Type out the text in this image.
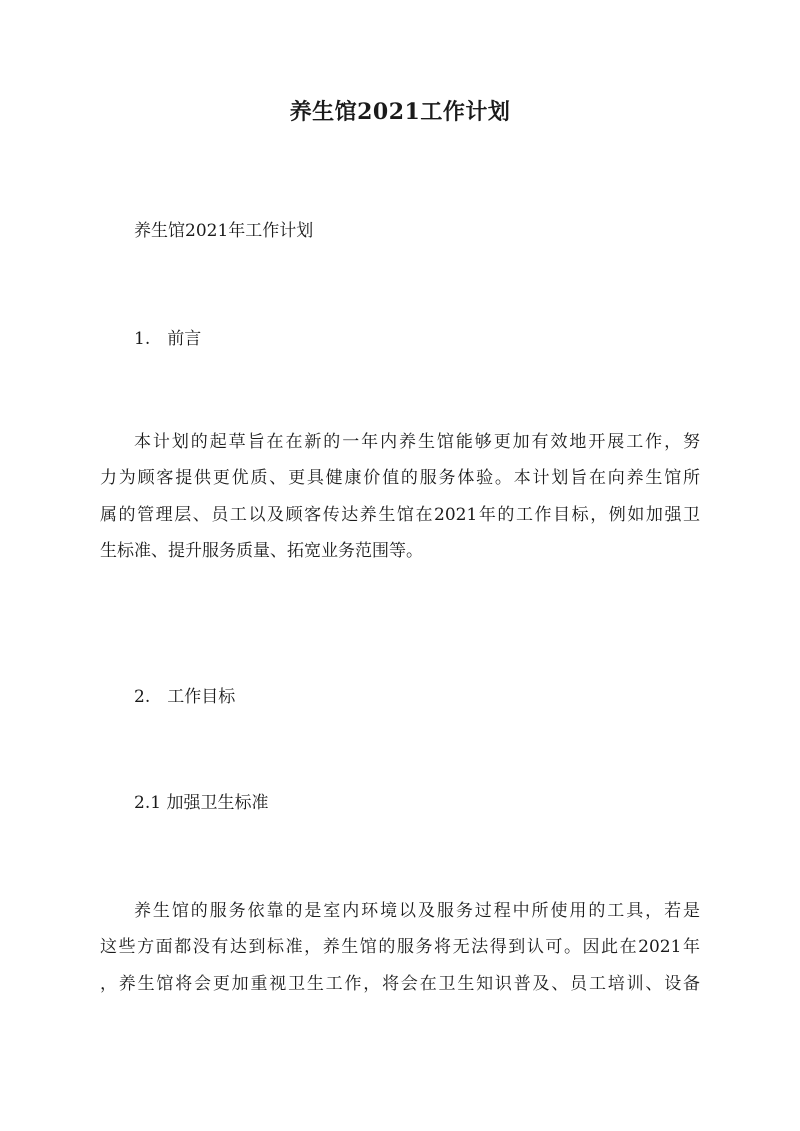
养生馆2021工作计划
养生馆2021年工作计划
1.　前言
本计划的起草旨在在新的一年内养生馆能够更加有效地开展工作，努
力为顾客提供更优质、更具健康价值的服务体验。本计划旨在向养生馆所
属的管理层、员工以及顾客传达养生馆在2021年的工作目标，例如加强卫
生标准、提升服务质量、拓宽业务范围等。
2.　工作目标
2.1 加强卫生标准
养生馆的服务依靠的是室内环境以及服务过程中所使用的工具，若是
这些方面都没有达到标准，养生馆的服务将无法得到认可。因此在2021年
，养生馆将会更加重视卫生工作，将会在卫生知识普及、员工培训、设备
